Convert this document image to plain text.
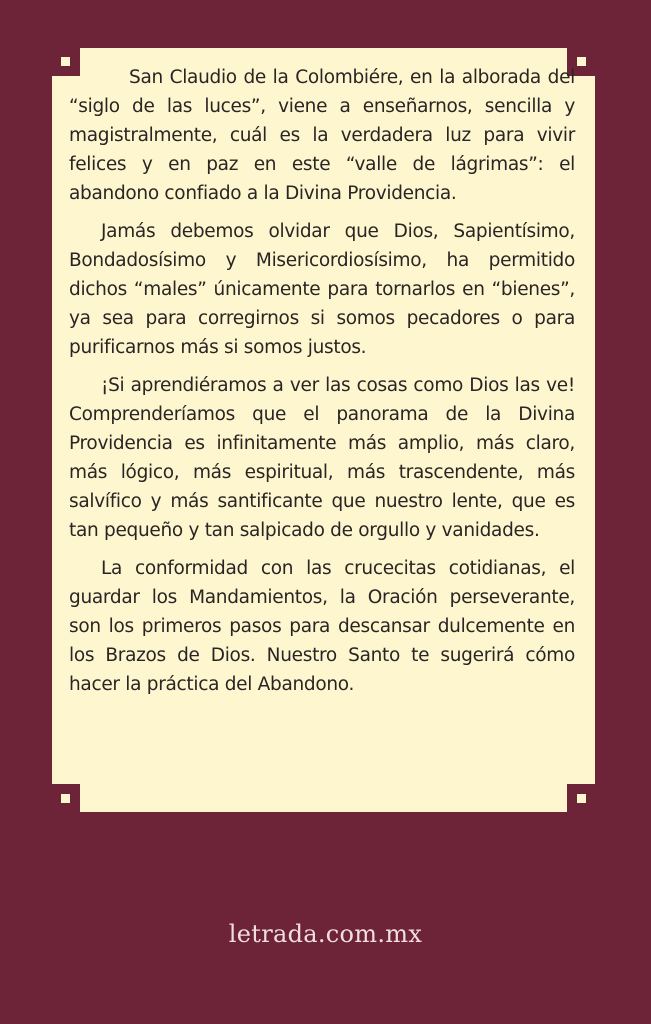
San Claudio de la Colombiére, en la alborada del “siglo de las luces”, viene a enseñarnos, sencilla y magistralmente, cuál es la verdadera luz para vivir felices y en paz en este “valle de lágrimas”: el abandono confiado a la Divina Providencia.

Jamás debemos olvidar que Dios, Sapientísimo, Bondadosísimo y Misericordiosísimo, ha permitido dichos “males” únicamente para tornarlos en “bienes”, ya sea para corregirnos si somos pecadores o para purificarnos más si somos justos.

¡Si aprendiéramos a ver las cosas como Dios las ve! Comprenderíamos que el panorama de la Divina Providencia es infinitamente más amplio, más claro, más lógico, más espiritual, más trascendente, más salvífico y más santificante que nuestro lente, que es tan pequeño y tan salpicado de orgullo y vanidades.

La conformidad con las crucecitas cotidianas, el guardar los Mandamientos, la Oración perseverante, son los primeros pasos para descansar dulcemente en los Brazos de Dios. Nuestro Santo te sugerirá cómo hacer la práctica del Abandono.

letrada.com.mx
